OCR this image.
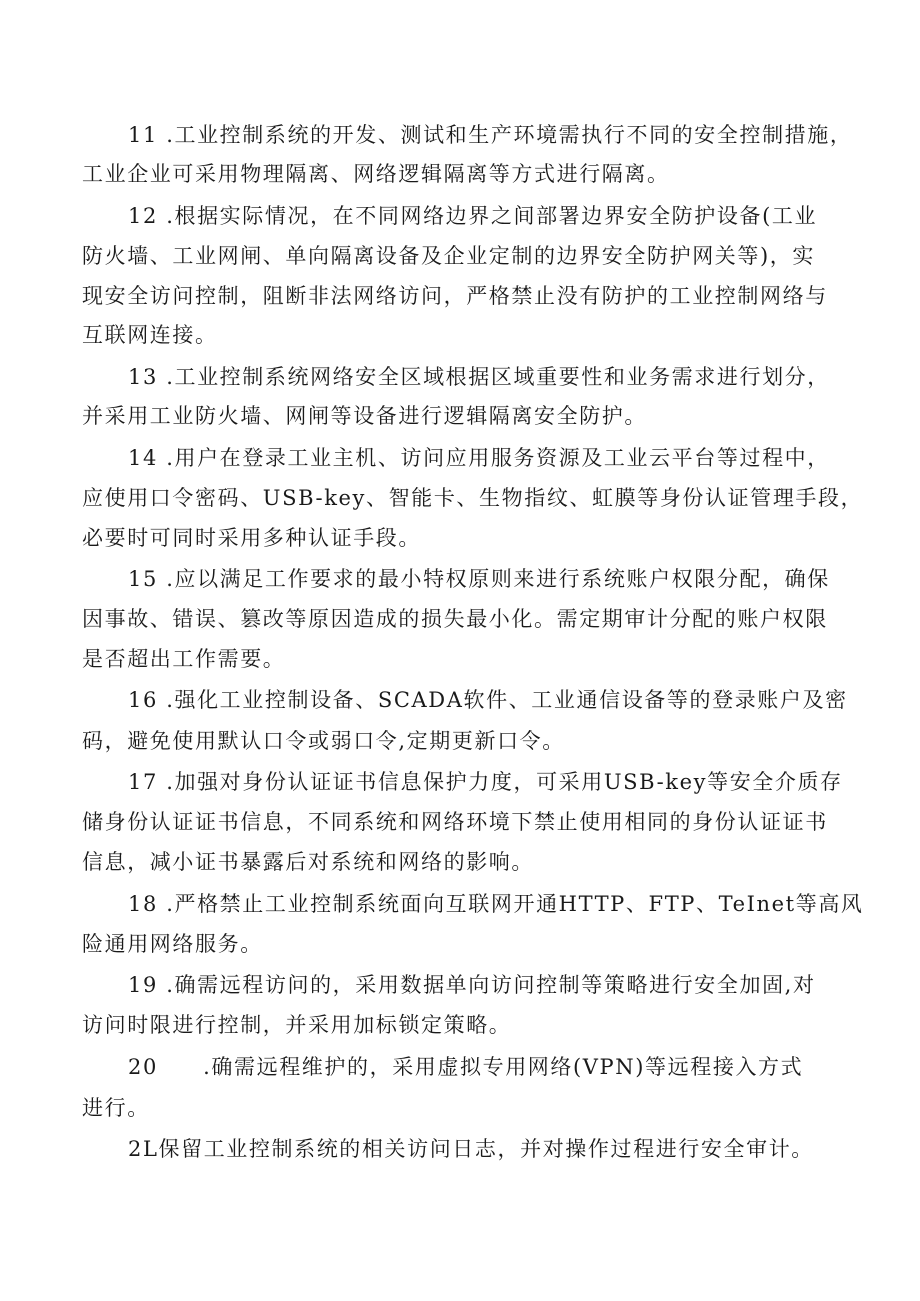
11 .工业控制系统的开发、测试和生产环境需执行不同的安全控制措施，
工业企业可采用物理隔离、网络逻辑隔离等方式进行隔离。
12 .根据实际情况，在不同网络边界之间部署边界安全防护设备(工业
防火墙、工业网闸、单向隔离设备及企业定制的边界安全防护网关等)，实
现安全访问控制，阻断非法网络访问，严格禁止没有防护的工业控制网络与
互联网连接。
13 .工业控制系统网络安全区域根据区域重要性和业务需求进行划分，
并采用工业防火墙、网闸等设备进行逻辑隔离安全防护。
14 .用户在登录工业主机、访问应用服务资源及工业云平台等过程中，
应使用口令密码、USB-key、智能卡、生物指纹、虹膜等身份认证管理手段，
必要时可同时采用多种认证手段。
15 .应以满足工作要求的最小特权原则来进行系统账户权限分配，确保
因事故、错误、篡改等原因造成的损失最小化。需定期审计分配的账户权限
是否超出工作需要。
16 .强化工业控制设备、SCADA软件、工业通信设备等的登录账户及密
码，避免使用默认口令或弱口令,定期更新口令。
17 .加强对身份认证证书信息保护力度，可采用USB-key等安全介质存
储身份认证证书信息，不同系统和网络环境下禁止使用相同的身份认证证书
信息，减小证书暴露后对系统和网络的影响。
18 .严格禁止工业控制系统面向互联网开通HTTP、FTP、TeInet等高风
险通用网络服务。
19 .确需远程访问的，采用数据单向访问控制等策略进行安全加固,对
访问时限进行控制，并采用加标锁定策略。
20　　.确需远程维护的，采用虚拟专用网络(VPN)等远程接入方式
进行。
2L保留工业控制系统的相关访问日志，并对操作过程进行安全审计。
